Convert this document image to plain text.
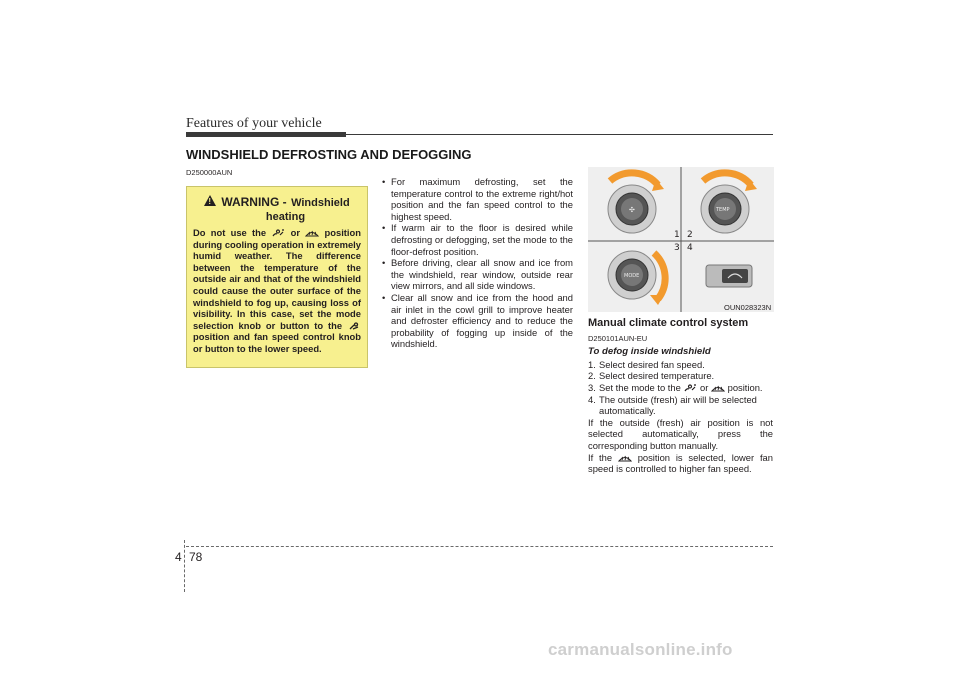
Features of your vehicle
WINDSHIELD DEFROSTING AND DEFOGGING
D250000AUN
! WARNING - Windshield

heating
Do not use the	or	position during cooling operation in extremely humid weather. The difference between the temperature of the outside air and that of the windshield could cause the outer surface of the windshield to fog up, causing loss of visibility. In this case, set the mode selection knob or button to the  position and fan speed control knob or button to the lower speed.
• For maximum defrosting, set the temperature control to the extreme right/hot position and the fan speed control to the highest speed.
• If warm air to the floor is desired while defrosting or defogging, set the mode to the floor-defrost position.
• Before driving, clear all snow and ice from the windshield, rear window, outside rear view mirrors, and all side windows.
• Clear all snow and ice from the hood and air inlet in the cowl grill to improve heater and defroster efficiency and to reduce the probability of fogging up inside of the windshield.
✣	TEMP
MODE
1 2
3 4
OUN028323N
Manual climate control system
D250101AUN-EU
To defog inside windshield
1. Select desired fan speed.
2. Select desired temperature.
3. Set the mode to the or position.
4. The outside (fresh) air will be selected automatically.
If the outside (fresh) air position is not selected automatically, press the corresponding button manually.
If the	position is selected, lower fan speed is controlled to higher fan speed.
4 78
carmanualsonline.info
